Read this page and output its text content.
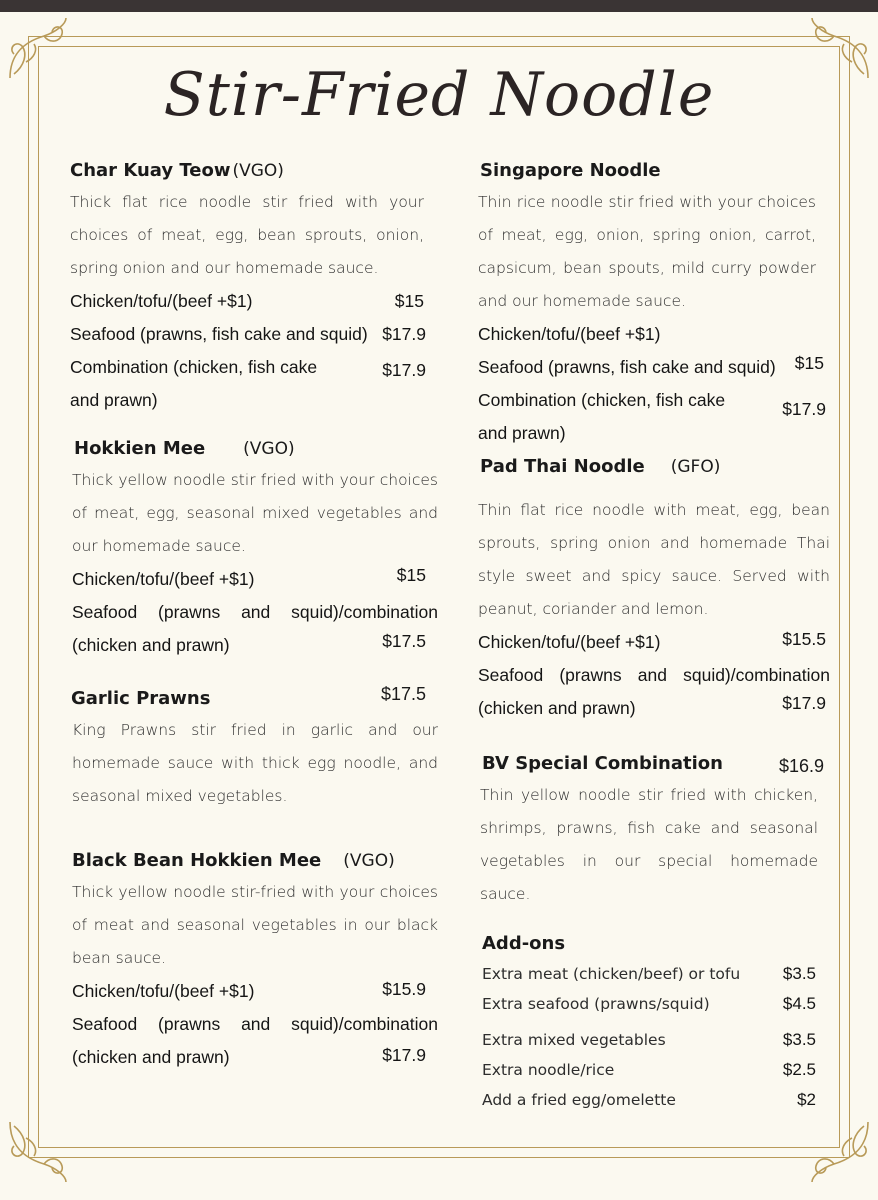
Stir-Fried Noodle
Char Kuay Teow (VGO)
Thick flat rice noodle stir fried with your choices of meat, egg, bean sprouts, onion, spring onion and our homemade sauce.
Chicken/tofu/(beef +$1)	$15
Seafood (prawns, fish cake and squid) $17.9
Combination (chicken, fish cake	$17.9
and prawn)
Hokkien Mee (VGO)
Thick yellow noodle stir fried with your choices of meat, egg, seasonal mixed vegetables and our homemade sauce.
Chicken/tofu/(beef +$1)	$15
Seafood (prawns and squid)/combination
(chicken and prawn)	$17.5
Garlic Prawns	$17.5
King Prawns stir fried in garlic and our homemade sauce with thick egg noodle, and seasonal mixed vegetables.
Black Bean Hokkien Mee (VGO)
Thick yellow noodle stir-fried with your choices of meat and seasonal vegetables in our black bean sauce.
Chicken/tofu/(beef +$1)	$15.9
Seafood (prawns and squid)/combination
(chicken and prawn)	$17.9
Singapore Noodle
Thin rice noodle stir fried with your choices of meat, egg, onion, spring onion, carrot, capsicum, bean spouts, mild curry powder and our homemade sauce.
Chicken/tofu/(beef +$1)
Seafood (prawns, fish cake and squid) $15
Combination (chicken, fish cake	$17.9
and prawn)
Pad Thai Noodle (GFO)
Thin flat rice noodle with meat, egg, bean sprouts, spring onion and homemade Thai style sweet and spicy sauce. Served with peanut, coriander and lemon.
Chicken/tofu/(beef +$1)	$15.5
Seafood (prawns and squid)/combination
(chicken and prawn)	$17.9
BV Special Combination	$16.9
Thin yellow noodle stir fried with chicken, shrimps, prawns, fish cake and seasonal vegetables in our special homemade sauce.
Add-ons
Extra meat (chicken/beef) or tofu	$3.5
Extra seafood (prawns/squid)	$4.5
Extra mixed vegetables	$3.5
Extra noodle/rice	$2.5
Add a fried egg/omelette	$2
